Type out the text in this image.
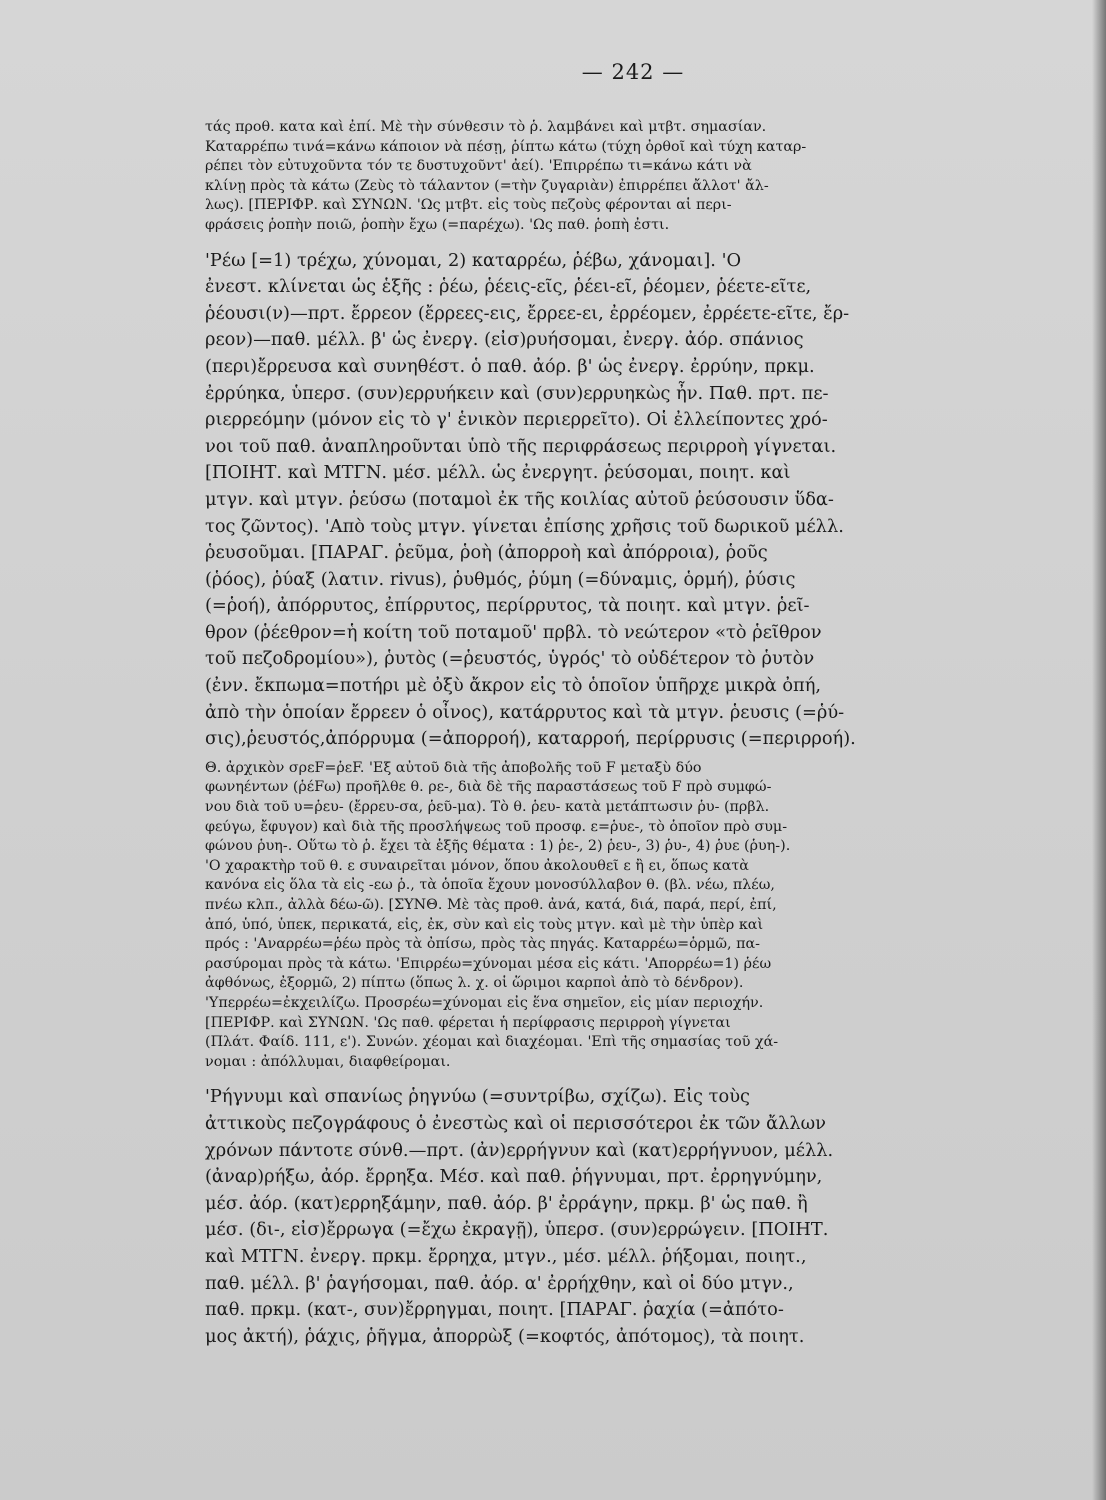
— 242 —
τάς προθ. κατα καὶ ἐπί. Μὲ τὴν σύνθεσιν τὸ ῥ. λαμβάνει καὶ μτβτ. σημασίαν.
Καταρρέπω τινά=κάνω κάποιον νὰ πέσῃ, ῥίπτω κάτω (τύχη ὀρθοῖ καὶ τύχη καταρ-
ρέπει τὸν εὐτυχοῦντα τόν τε δυστυχοῦντ' ἀεί). 'Επιρρέπω τι=κάνω κάτι νὰ
κλίνῃ πρὸς τὰ κάτω (Ζεὺς τὸ τάλαντον (=τὴν ζυγαριὰν) ἐπιρρέπει ἄλλοτ' ἄλ-
λως). [ΠΕΡΙΦΡ. καὶ ΣΥΝΩΝ. 'Ως μτβτ. εἰς τοὺς πεζοὺς φέρονται αἱ περι-
φράσεις ῥοπὴν ποιῶ, ῥοπὴν ἔχω (=παρέχω). 'Ως παθ. ῥοπὴ ἐστι.
'Ρέω [=1) τρέχω, χύνομαι, 2) καταρρέω, ῥέβω, χάνομαι]. 'Ο
ἐνεστ. κλίνεται ὡς ἑξῆς : ῥέω, ῥέεις-εῖς, ῥέει-εῖ, ῥέομεν, ῥέετε-εῖτε,
ῥέουσι(ν)—πρτ. ἔρρεον (ἔρρεες-εις, ἔρρεε-ει, ἐρρέομεν, ἐρρέετε-εῖτε, ἔρ-
ρεον)—παθ. μέλλ. β' ὡς ἐνεργ. (εἰσ)ρυήσομαι, ἐνεργ. ἀόρ. σπάνιος
(περι)ἔρρευσα καὶ συνηθέστ. ὁ παθ. ἀόρ. β' ὡς ἐνεργ. ἐρρύην, πρκμ.
ἐρρύηκα, ὑπερσ. (συν)ερρυήκειν καὶ (συν)ερρυηκὼς ἦν. Παθ. πρτ. πε-
ριερρεόμην (μόνον εἰς τὸ γ' ἑνικὸν περιερρεῖτο). Οἱ ἐλλείποντες χρό-
νοι τοῦ παθ. ἀναπληροῦνται ὑπὸ τῆς περιφράσεως περιρροὴ γίγνεται.
[ΠΟΙΗΤ. καὶ ΜΤΓΝ. μέσ. μέλλ. ὡς ἐνεργητ. ῥεύσομαι, ποιητ. καὶ
μτγν. καὶ μτγν. ῥεύσω (ποταμοὶ ἐκ τῆς κοιλίας αὐτοῦ ῥεύσουσιν ὕδα-
τος ζῶντος). 'Απὸ τοὺς μτγν. γίνεται ἐπίσης χρῆσις τοῦ δωρικοῦ μέλλ.
ῥευσοῦμαι. [ΠΑΡΑΓ. ῥεῦμα, ῥοὴ (ἀπορροὴ καὶ ἀπόρροια), ῥοῦς
(ῥόος), ῥύαξ (λατιν. rivus), ῥυθμός, ῥύμη (=δύναμις, ὁρμή), ῥύσις
(=ῥοή), ἀπόρρυτος, ἐπίρρυτος, περίρρυτος, τὰ ποιητ. καὶ μτγν. ῥεῖ-
θρον (ῥέεθρον=ἡ κοίτη τοῦ ποταμοῦ' πρβλ. τὸ νεώτερον «τὸ ῥεῖθρον
τοῦ πεζοδρομίου»), ῥυτὸς (=ῥευστός, ὑγρός' τὸ οὐδέτερον τὸ ῥυτὸν
(ἐνν. ἔκπωμα=ποτήρι μὲ ὀξὺ ἄκρον εἰς τὸ ὁποῖον ὑπῆρχε μικρὰ ὀπή,
ἀπὸ τὴν ὁποίαν ἔρρεεν ὁ οἶνος), κατάρρυτος καὶ τὰ μτγν. ῥευσις (=ῥύ-
σις),ῥευστός,ἀπόρρυμα (=ἀπορροή), καταρροή, περίρρυσις (=περιρροή).
Θ. ἀρχικὸν σρεF=ῥεF. 'Εξ αὐτοῦ διὰ τῆς ἀποβολῆς τοῦ F μεταξὺ δύο
φωνηέντων (ῥέFω) προῆλθε θ. ρε-, διὰ δὲ τῆς παραστάσεως τοῦ F πρὸ συμφώ-
νου διὰ τοῦ υ=ῥευ- (ἔρρευ-σα, ῥεῦ-μα). Τὸ θ. ῥευ- κατὰ μετάπτωσιν ῥυ- (πρβλ.
φεύγω, ἔφυγον) καὶ διὰ τῆς προσλήψεως τοῦ προσφ. ε=ῥυε-, τὸ ὁποῖον πρὸ συμ-
φώνου ῥυη-. Οὕτω τὸ ῥ. ἔχει τὰ ἑξῆς θέματα : 1) ῥε-, 2) ῥευ-, 3) ῥυ-, 4) ῥυε (ῥυη-).
'Ο χαρακτὴρ τοῦ θ. ε συναιρεῖται μόνον, ὅπου ἀκολουθεῖ ε ἢ ει, ὅπως κατὰ
κανόνα εἰς ὅλα τὰ εἰς -εω ῥ., τὰ ὁποῖα ἔχουν μονοσύλλαβον θ. (βλ. νέω, πλέω,
πνέω κλπ., ἀλλὰ δέω-ῶ). [ΣΥΝΘ. Μὲ τὰς προθ. ἀνά, κατά, διά, παρά, περί, ἐπί,
ἀπό, ὑπό, ὑπεκ, περικατά, εἰς, ἐκ, σὺν καὶ εἰς τοὺς μτγν. καὶ μὲ τὴν ὑπὲρ καὶ
πρός : 'Αναρρέω=ῥέω πρὸς τὰ ὀπίσω, πρὸς τὰς πηγάς. Καταρρέω=ὁρμῶ, πα-
ρασύρομαι πρὸς τὰ κάτω. 'Επιρρέω=χύνομαι μέσα εἰς κάτι. 'Απορρέω=1) ῥέω
ἀφθόνως, ἐξορμῶ, 2) πίπτω (ὅπως λ. χ. οἱ ὥριμοι καρποὶ ἀπὸ τὸ δένδρον).
'Υπερρέω=ἐκχειλίζω. Προσρέω=χύνομαι εἰς ἕνα σημεῖον, εἰς μίαν περιοχήν.
[ΠΕΡΙΦΡ. καὶ ΣΥΝΩΝ. 'Ως παθ. φέρεται ἡ περίφρασις περιρροὴ γίγνεται
(Πλάτ. Φαίδ. 111, ε'). Συνών. χέομαι καὶ διαχέομαι. 'Επὶ τῆς σημασίας τοῦ χά-
νομαι : ἀπόλλυμαι, διαφθείρομαι.
'Ρήγνυμι καὶ σπανίως ῥηγνύω (=συντρίβω, σχίζω). Εἰς τοὺς
ἀττικοὺς πεζογράφους ὁ ἐνεστὼς καὶ οἱ περισσότεροι ἐκ τῶν ἄλλων
χρόνων πάντοτε σύνθ.—πρτ. (ἀν)ερρήγνυν καὶ (κατ)ερρήγνυον, μέλλ.
(ἀναρ)ρήξω, ἀόρ. ἔρρηξα. Μέσ. καὶ παθ. ῥήγνυμαι, πρτ. ἐρρηγνύμην,
μέσ. ἀόρ. (κατ)ερρηξάμην, παθ. ἀόρ. β' ἐρράγην, πρκμ. β' ὡς παθ. ἢ
μέσ. (δι-, εἰσ)ἔρρωγα (=ἔχω ἐκραγῇ), ὑπερσ. (συν)ερρώγειν. [ΠΟΙΗΤ.
καὶ ΜΤΓΝ. ἐνεργ. πρκμ. ἔρρηχα, μτγν., μέσ. μέλλ. ῥήξομαι, ποιητ.,
παθ. μέλλ. β' ῥαγήσομαι, παθ. ἀόρ. α' ἐρρήχθην, καὶ οἱ δύο μτγν.,
παθ. πρκμ. (κατ-, συν)ἔρρηγμαι, ποιητ. [ΠΑΡΑΓ. ῥαχία (=ἀπότο-
μος ἀκτή), ῥάχις, ῥῆγμα, ἀπορρὼξ (=κοφτός, ἀπότομος), τὰ ποιητ.
